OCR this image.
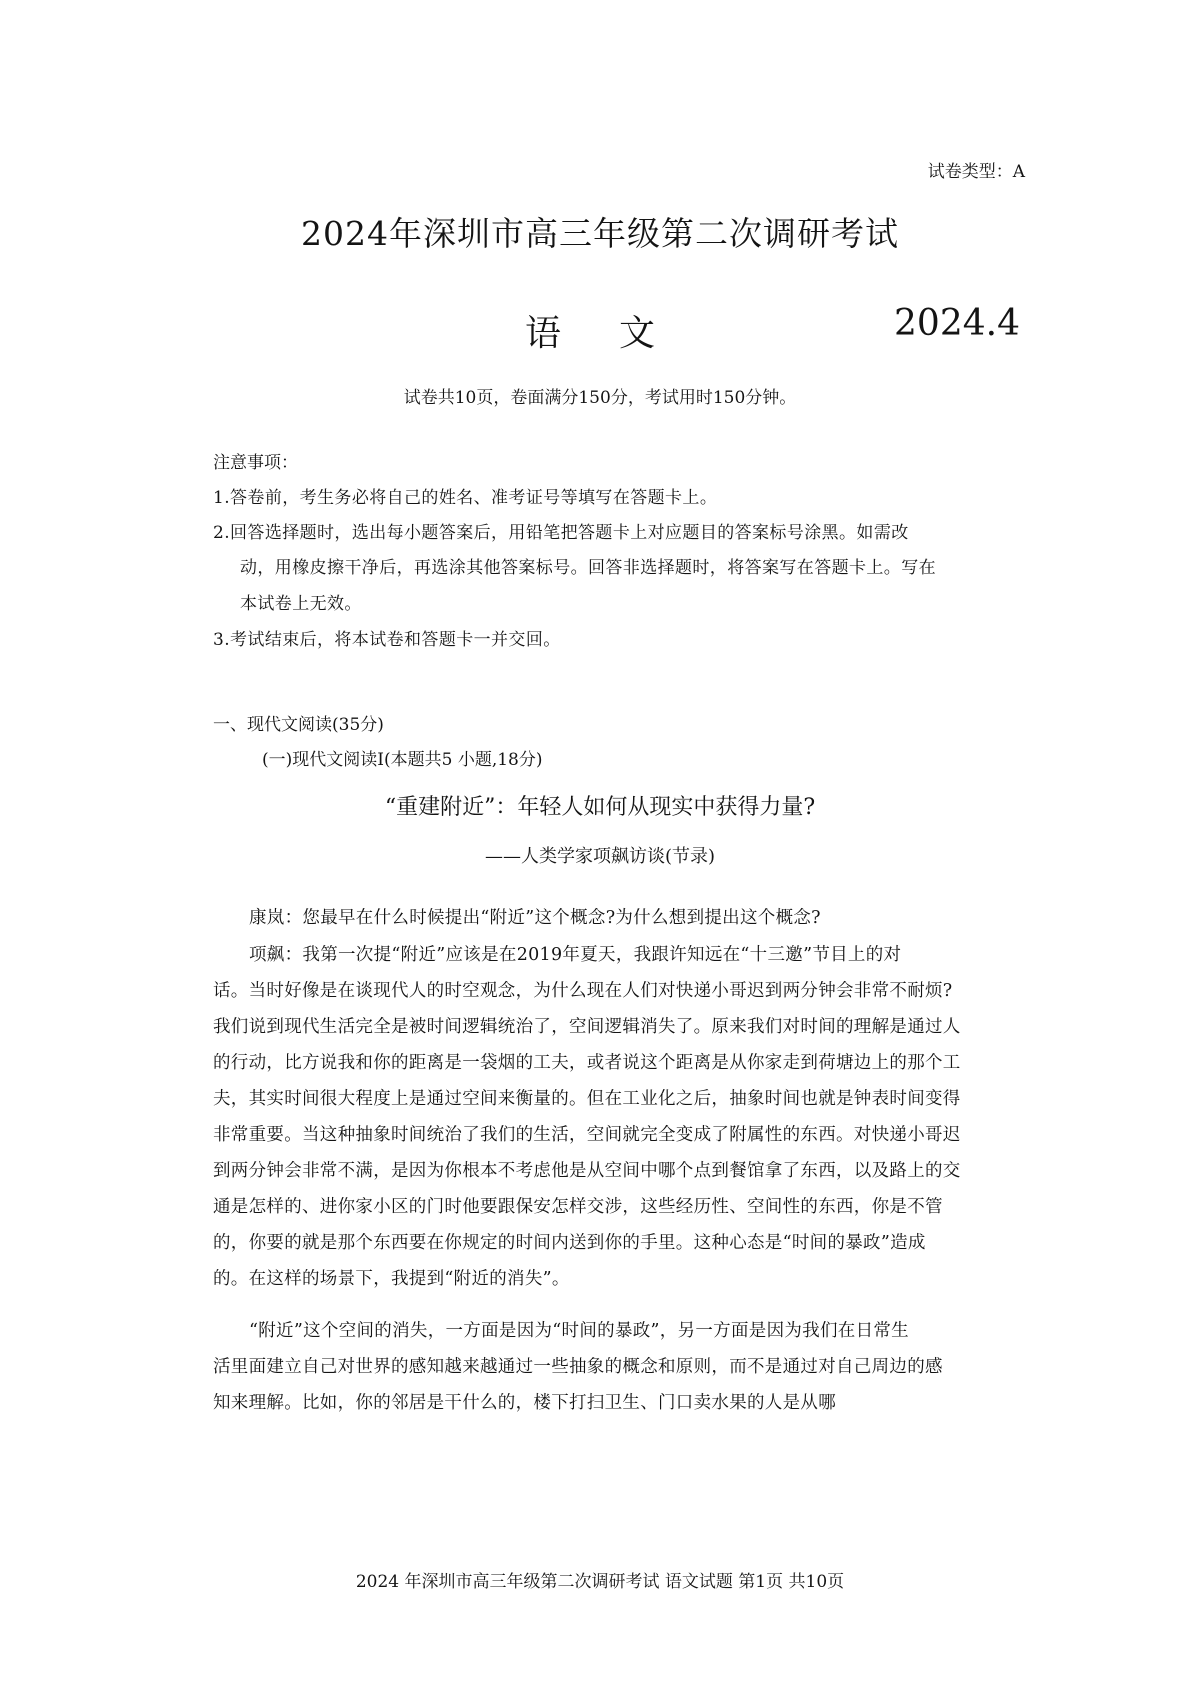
试卷类型：A
2024年深圳市高三年级第二次调研考试
语文	2024.4
试卷共10页，卷面满分150分，考试用时150分钟。
注意事项：
1.答卷前，考生务必将自己的姓名、准考证号等填写在答题卡上。
2.回答选择题时，选出每小题答案后，用铅笔把答题卡上对应题目的答案标号涂黑。如需改
动，用橡皮擦干净后，再选涂其他答案标号。回答非选择题时，将答案写在答题卡上。写在
本试卷上无效。
3.考试结束后，将本试卷和答题卡一并交回。
一、现代文阅读(35分)
(一)现代文阅读Ⅰ(本题共5 小题,18分)
“重建附近”：年轻人如何从现实中获得力量?
——人类学家项飙访谈(节录)
康岚：您最早在什么时候提出“附近”这个概念?为什么想到提出这个概念?
项飙：我第一次提“附近”应该是在2019年夏天，我跟许知远在“十三邀”节目上的对
话。当时好像是在谈现代人的时空观念，为什么现在人们对快递小哥迟到两分钟会非常不耐烦?
我们说到现代生活完全是被时间逻辑统治了，空间逻辑消失了。原来我们对时间的理解是通过人
的行动，比方说我和你的距离是一袋烟的工夫，或者说这个距离是从你家走到荷塘边上的那个工
夫，其实时间很大程度上是通过空间来衡量的。但在工业化之后，抽象时间也就是钟表时间变得
非常重要。当这种抽象时间统治了我们的生活，空间就完全变成了附属性的东西。对快递小哥迟
到两分钟会非常不满，是因为你根本不考虑他是从空间中哪个点到餐馆拿了东西，以及路上的交
通是怎样的、进你家小区的门时他要跟保安怎样交涉，这些经历性、空间性的东西，你是不管
的，你要的就是那个东西要在你规定的时间内送到你的手里。这种心态是“时间的暴政”造成
的。在这样的场景下，我提到“附近的消失”。
“附近”这个空间的消失，一方面是因为“时间的暴政”，另一方面是因为我们在日常生
活里面建立自己对世界的感知越来越通过一些抽象的概念和原则，而不是通过对自己周边的感
知来理解。比如，你的邻居是干什么的，楼下打扫卫生、门口卖水果的人是从哪
2024 年深圳市高三年级第二次调研考试 语文试题 第1页 共10页
